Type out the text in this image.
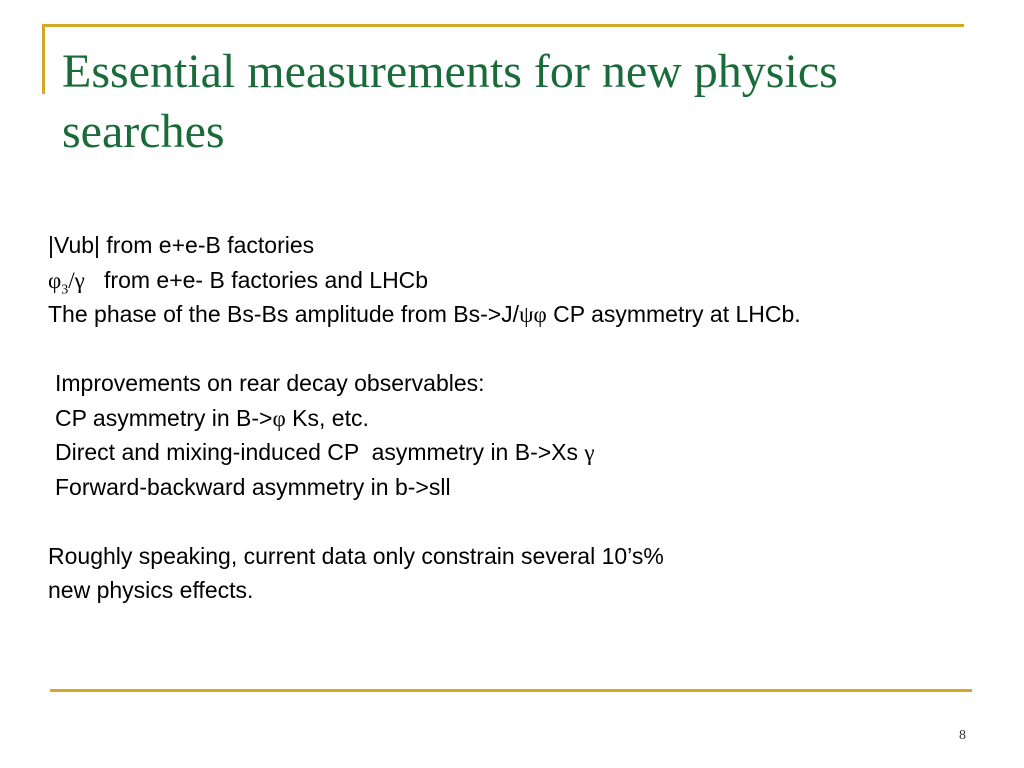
Essential measurements for new physics searches
|Vub| from e+e-B factories
$\varphi_3/\gamma$   from e+e- B factories and LHCb
The phase of the Bs-Bs amplitude from Bs->J/ψφ CP asymmetry at LHCb.
Improvements on rear decay observables:
CP asymmetry in B->φ Ks, etc.
Direct and mixing-induced CP  asymmetry in B->Xs γ
Forward-backward asymmetry in b->sll
Roughly speaking, current data only constrain several 10’s%
new physics effects.
8
